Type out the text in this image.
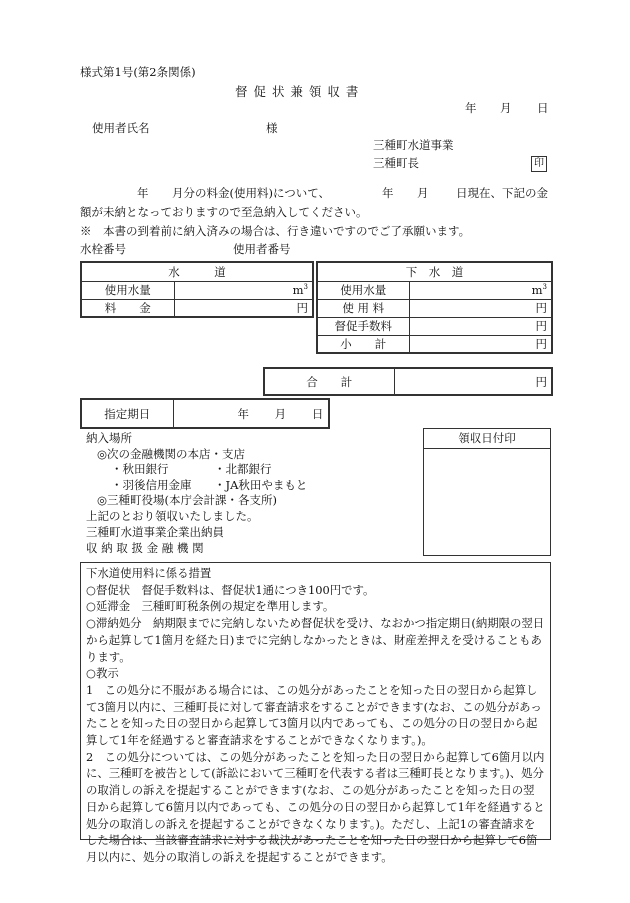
様式第1号(第2条関係)
督 促 状 兼 領 収 書
年 月 日
使用者氏名	様
三種町水道事業
三種町長	印
年 月分の料金(使用料)について、	年 月 日現在、下記の金
額が未納となっておりますので至急納入してください。
※　本書の到着前に納入済みの場合は、行き違いですのでご了承願います。
水栓番号	使用者番号
水　　　道	
使用水量	$m^3$
料　　金	円
下　水　道	
使用水量	$m^3$
使 用 料	円
督促手数料	円
小　　計	円
合　　計	円
指定期日	年 月 日
領収日付印
納入場所
◎次の金融機関の本店・支店
・秋田銀行	・北都銀行
・羽後信用金庫 ・JA秋田やまもと
◎三種町役場(本庁会計課・各支所)
上記のとおり領収いたしました。
三種町水道事業企業出納員
収 納 取 扱 金 融 機 関
下水道使用料に係る措置
○督促状　督促手数料は、督促状1通につき100円です。
○延滞金　三種町町税条例の規定を準用します。
○滞納処分　納期限までに完納しないため督促状を受け、なおかつ指定期日(納期限の翌日から起算して1箇月を経た日)までに完納しなかったときは、財産差押えを受けることもあります。
○教示
1　この処分に不服がある場合には、この処分があったことを知った日の翌日から起算して3箇月以内に、三種町長に対して審査請求をすることができます(なお、この処分があったことを知った日の翌日から起算して3箇月以内であっても、この処分の日の翌日から起算して1年を経過すると審査請求をすることができなくなります。)。
2　この処分については、この処分があったことを知った日の翌日から起算して6箇月以内に、三種町を被告として(訴訟において三種町を代表する者は三種町長となります。)、処分の取消しの訴えを提起することができます(なお、この処分があったことを知った日の翌日から起算して6箇月以内であっても、この処分の日の翌日から起算して1年を経過すると処分の取消しの訴えを提起することができなくなります。)。ただし、上記1の審査請求をした場合は、当該審査請求に対する裁決があったことを知った日の翌日から起算して6箇月以内に、処分の取消しの訴えを提起することができます。
